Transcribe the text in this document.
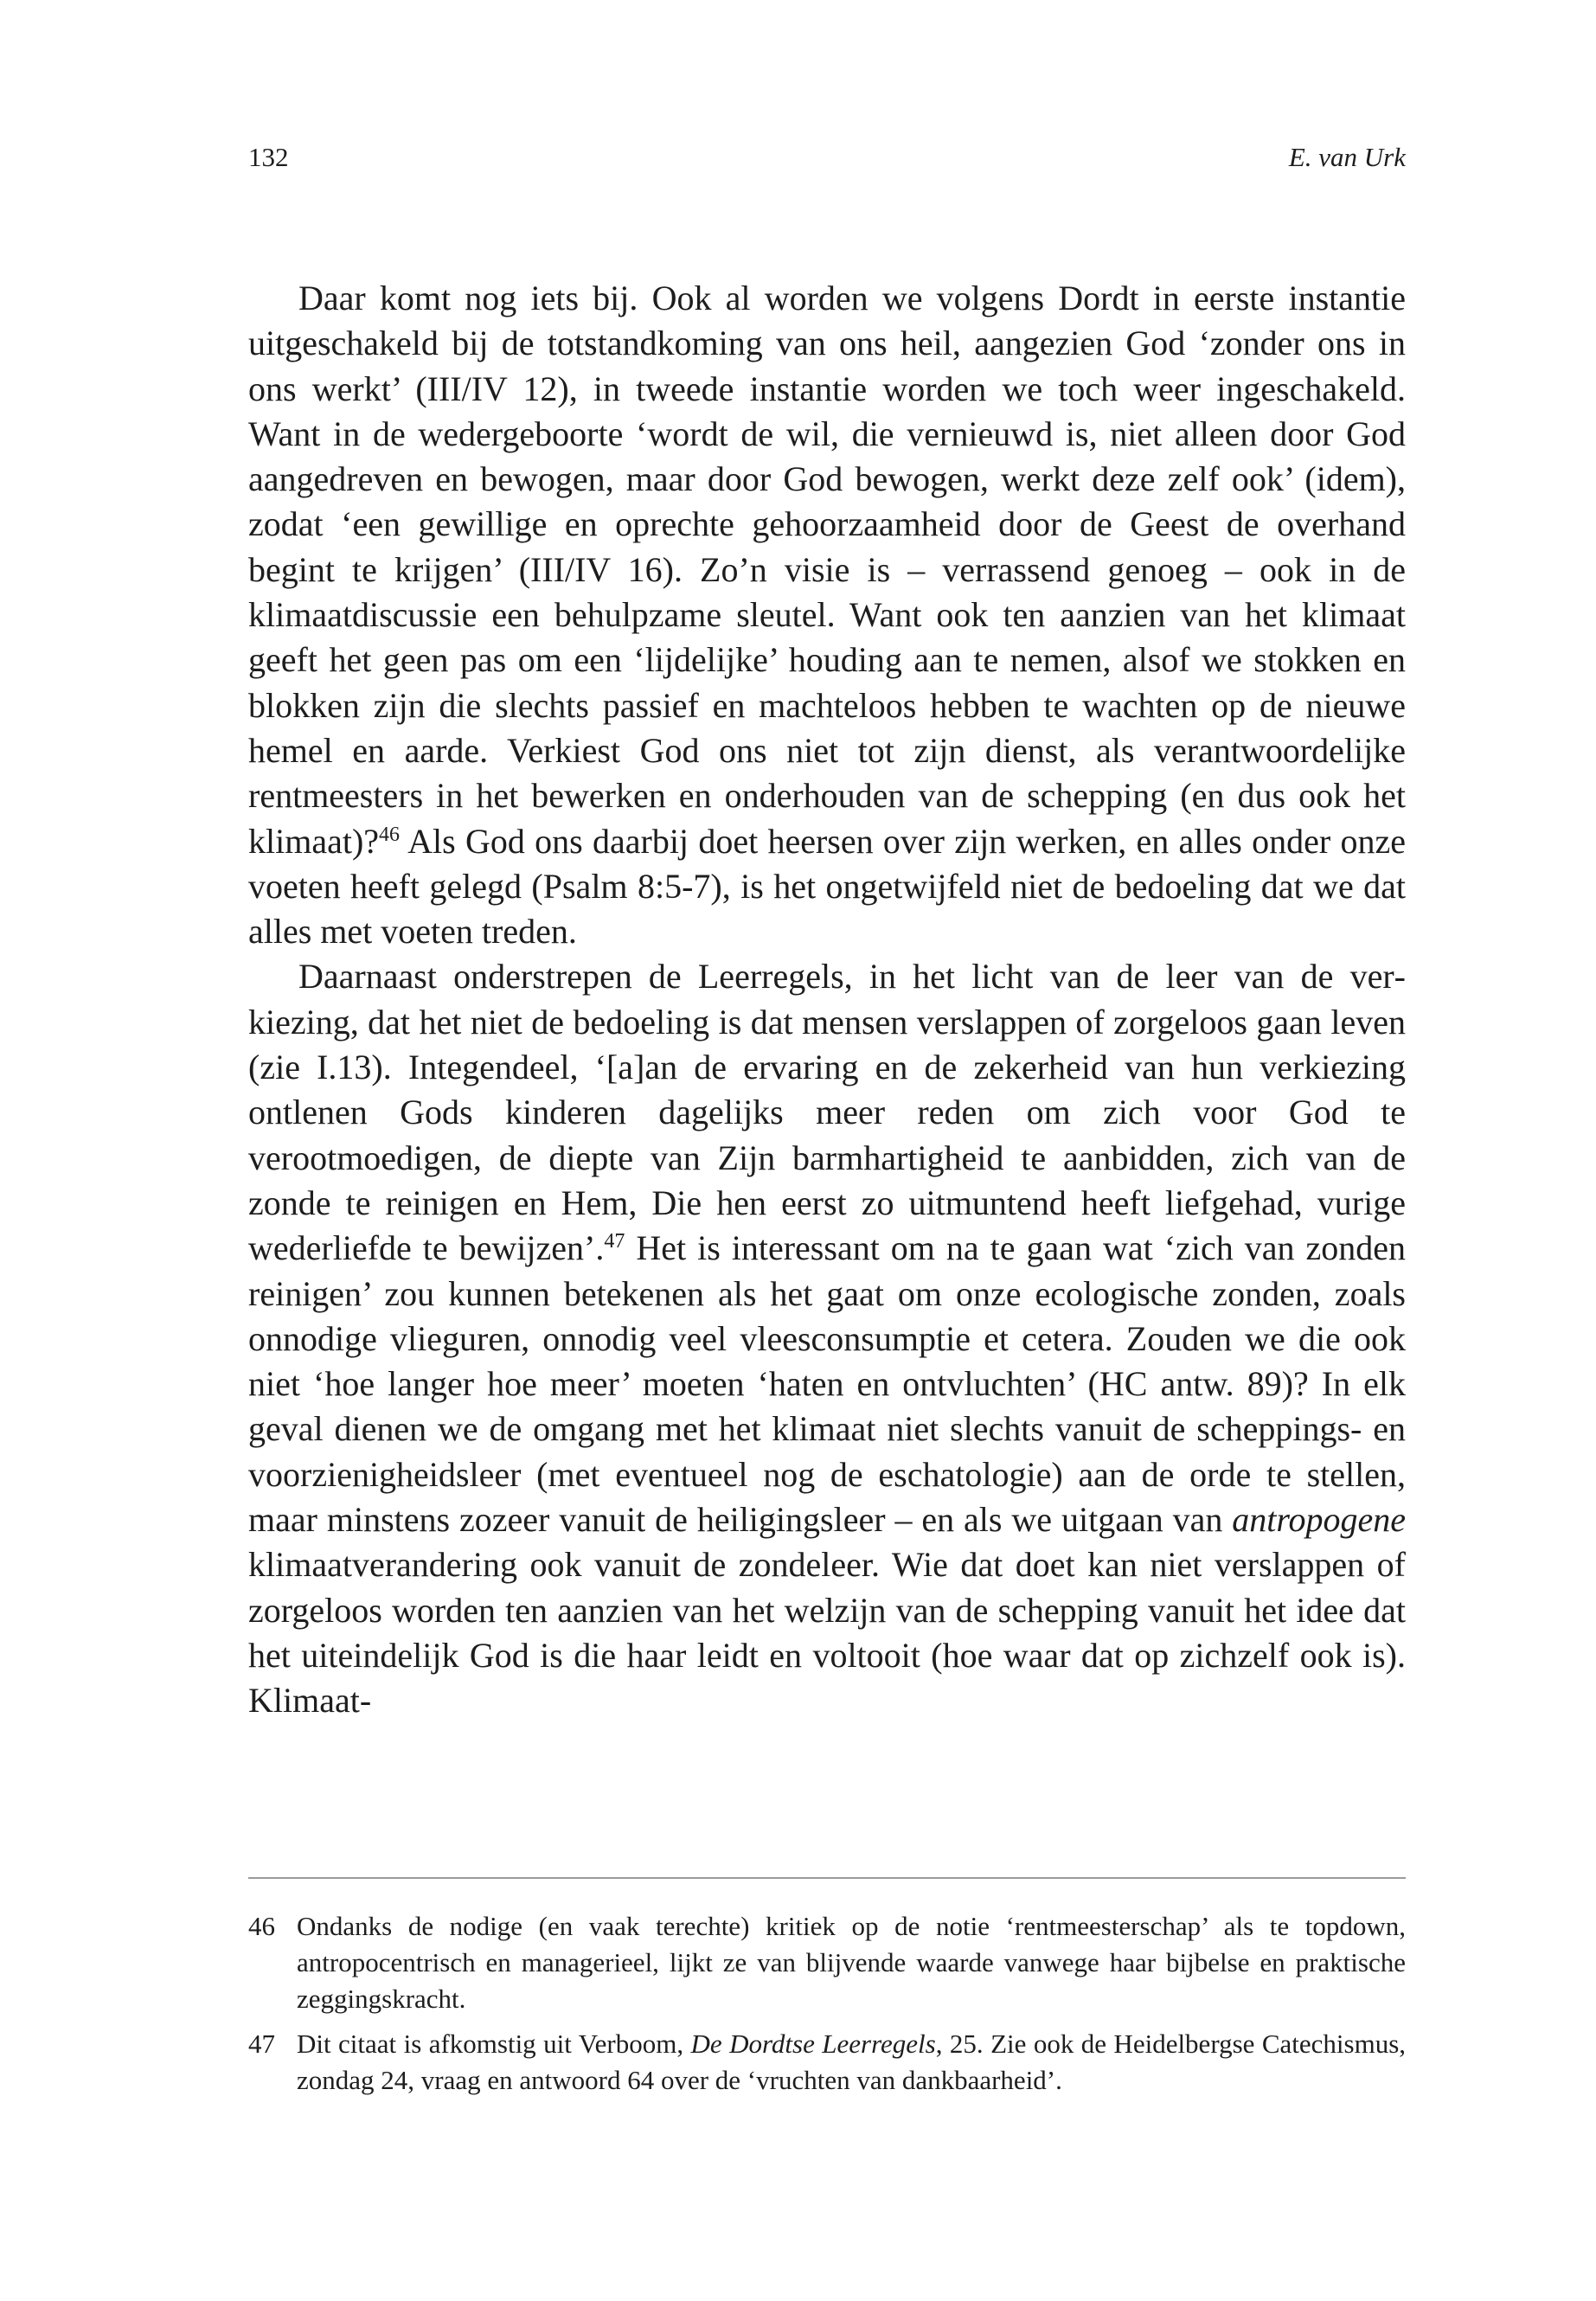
132	E. van Urk

Daar komt nog iets bij. Ook al worden we volgens Dordt in eerste instantie uitgeschakeld bij de totstandkoming van ons heil, aangezien God ‘zonder ons in ons werkt’ (III/IV 12), in tweede instantie worden we toch weer ingeschakeld. Want in de wedergeboorte ‘wordt de wil, die vernieuwd is, niet alleen door God aangedreven en bewogen, maar door God bewogen, werkt deze zelf ook’ (idem), zodat ‘een gewillige en oprechte gehoorzaamheid door de Geest de overhand begint te krijgen’ (III/IV 16). Zo’n visie is – verrassend genoeg – ook in de klimaatdiscussie een behulpzame sleutel. Want ook ten aanzien van het klimaat geeft het geen pas om een ‘lijdelijke’ houding aan te nemen, alsof we stokken en blokken zijn die slechts passief en machteloos hebben te wachten op de nieuwe hemel en aarde. Verkiest God ons niet tot zijn dienst, als verantwoordelijke rentmeesters in het bewerken en onderhouden van de schepping (en dus ook het klimaat)?$^{46}$ Als God ons daarbij doet heersen over zijn werken, en alles onder onze voeten heeft gelegd (Psalm 8:5-7), is het ongetwijfeld niet de bedoeling dat we dat alles met voeten treden.

Daarnaast onderstrepen de Leerregels, in het licht van de leer van de verkiezing, dat het niet de bedoeling is dat mensen verslappen of zorgeloos gaan leven (zie I.13). Integendeel, ‘[a]an de ervaring en de zekerheid van hun verkiezing ontlenen Gods kinderen dagelijks meer reden om zich voor God te verootmoedigen, de diepte van Zijn barmhartigheid te aanbidden, zich van de zonde te reinigen en Hem, Die hen eerst zo uitmuntend heeft liefgehad, vurige wederliefde te bewijzen’.$^{47}$ Het is interessant om na te gaan wat ‘zich van zonden reinigen’ zou kunnen betekenen als het gaat om onze ecologische zonden, zoals onnodige vlieguren, onnodig veel vleesconsumptie et cetera. Zouden we die ook niet ‘hoe langer hoe meer’ moeten ‘haten en ontvluchten’ (HC antw. 89)? In elk geval dienen we de omgang met het klimaat niet slechts vanuit de scheppings- en voorzienigheidsleer (met eventueel nog de eschatologie) aan de orde te stellen, maar minstens zozeer vanuit de heiligingsleer – en als we uitgaan van antropogene klimaatverandering ook vanuit de zondeleer. Wie dat doet kan niet verslappen of zorgeloos worden ten aanzien van het welzijn van de schepping vanuit het idee dat het uiteindelijk God is die haar leidt en voltooit (hoe waar dat op zichzelf ook is). Klimaat-

46 Ondanks de nodige (en vaak terechte) kritiek op de notie ‘rentmeesterschap’ als te topdown, antropocentrisch en managerieel, lijkt ze van blijvende waarde vanwege haar bijbelse en praktische zeggingskracht.
47 Dit citaat is afkomstig uit Verboom, De Dordtse Leerregels, 25. Zie ook de Heidelbergse Catechismus, zondag 24, vraag en antwoord 64 over de ‘vruchten van dankbaarheid’.
